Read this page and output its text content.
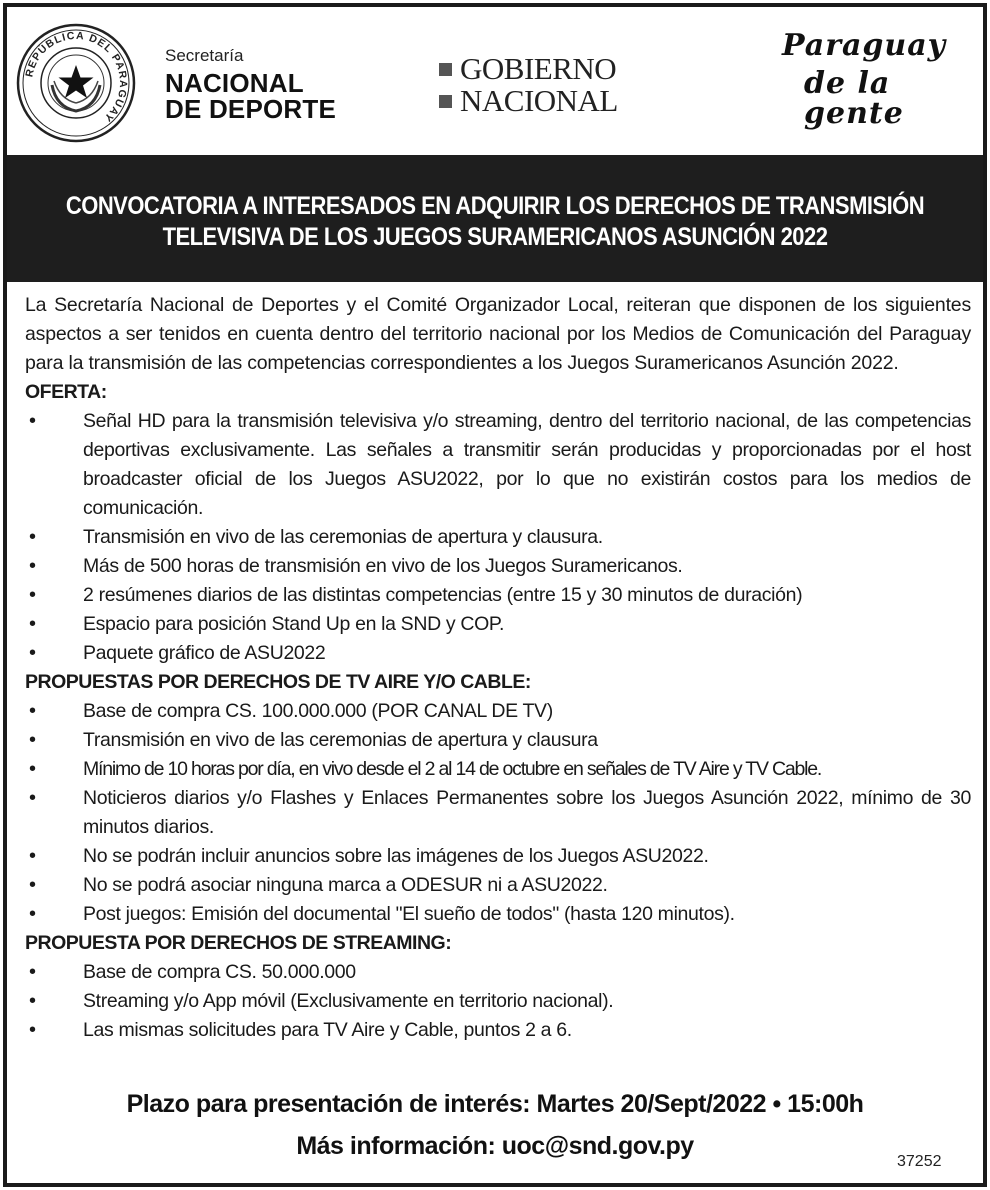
REPÚBLICA DEL PARAGUAY
Secretaría
NACIONAL
DE DEPORTE
GOBIERNO
NACIONAL
Paraguay
de la gente
CONVOCATORIA A INTERESADOS EN ADQUIRIR LOS DERECHOS DE TRANSMISIÓN
TELEVISIVA DE LOS JUEGOS SURAMERICANOS ASUNCIÓN 2022
La Secretaría Nacional de Deportes y el Comité Organizador Local, reiteran que disponen de los siguientes aspectos a ser tenidos en cuenta dentro del territorio nacional por los Medios de Comunicación del Paraguay para la transmisión de las competencias correspondientes a los Juegos Suramericanos Asunción 2022.
OFERTA:
• Señal HD para la transmisión televisiva y/o streaming, dentro del territorio nacional, de las competencias deportivas exclusivamente. Las señales a transmitir serán producidas y proporcionadas por el host broadcaster oficial de los Juegos ASU2022, por lo que no existirán costos para los medios de comunicación.
• Transmisión en vivo de las ceremonias de apertura y clausura.
• Más de 500 horas de transmisión en vivo de los Juegos Suramericanos.
• 2 resúmenes diarios de las distintas competencias (entre 15 y 30 minutos de duración)
• Espacio para posición Stand Up en la SND y COP.
• Paquete gráfico de ASU2022
PROPUESTAS POR DERECHOS DE TV AIRE Y/O CABLE:
• Base de compra CS. 100.000.000 (POR CANAL DE TV)
• Transmisión en vivo de las ceremonias de apertura y clausura
• Mínimo de 10 horas por día, en vivo desde el 2 al 14 de octubre en señales de TV Aire y TV Cable.
• Noticieros diarios y/o Flashes y Enlaces Permanentes sobre los Juegos Asunción 2022, mínimo de 30 minutos diarios.
• No se podrán incluir anuncios sobre las imágenes de los Juegos ASU2022.
• No se podrá asociar ninguna marca a ODESUR ni a ASU2022.
• Post juegos: Emisión del documental "El sueño de todos" (hasta 120 minutos).
PROPUESTA POR DERECHOS DE STREAMING:
• Base de compra CS. 50.000.000
• Streaming y/o App móvil (Exclusivamente en territorio nacional).
• Las mismas solicitudes para TV Aire y Cable, puntos 2 a 6.
Plazo para presentación de interés: Martes 20/Sept/2022 • 15:00h
Más información: uoc@snd.gov.py
37252
